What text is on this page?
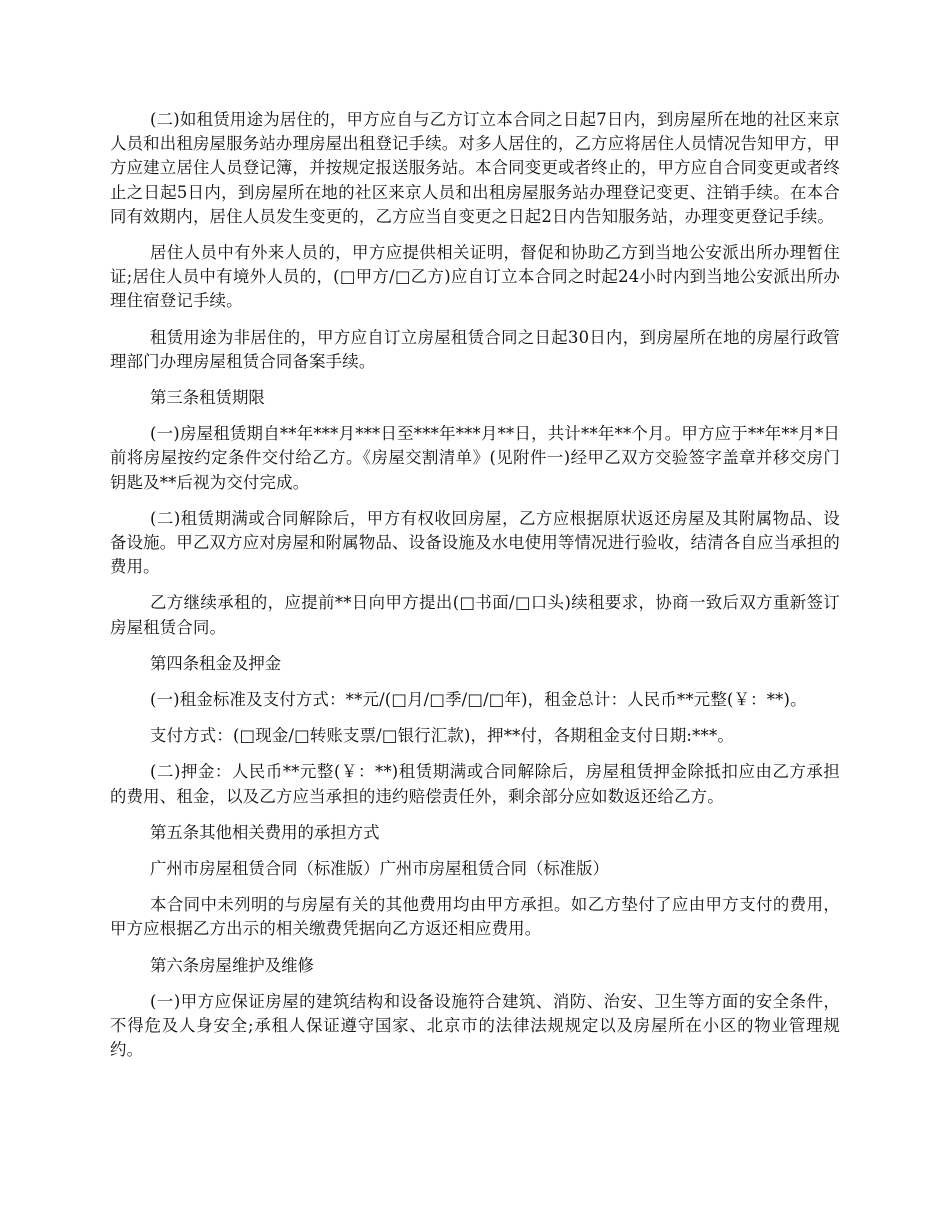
(二)如租赁用途为居住的，甲方应自与乙方订立本合同之日起7日内，到房屋所在地的社区来京人员和出租房屋服务站办理房屋出租登记手续。对多人居住的，乙方应将居住人员情况告知甲方，甲方应建立居住人员登记簿，并按规定报送服务站。本合同变更或者终止的，甲方应自合同变更或者终止之日起5日内，到房屋所在地的社区来京人员和出租房屋服务站办理登记变更、注销手续。在本合同有效期内，居住人员发生变更的，乙方应当自变更之日起2日内告知服务站，办理变更登记手续。

居住人员中有外来人员的，甲方应提供相关证明，督促和协助乙方到当地公安派出所办理暂住证;居住人员中有境外人员的，(□甲方/□乙方)应自订立本合同之时起24小时内到当地公安派出所办理住宿登记手续。

租赁用途为非居住的，甲方应自订立房屋租赁合同之日起30日内，到房屋所在地的房屋行政管理部门办理房屋租赁合同备案手续。

第三条租赁期限

(一)房屋租赁期自**年***月***日至***年***月**日，共计**年**个月。甲方应于**年**月*日前将房屋按约定条件交付给乙方。《房屋交割清单》(见附件一)经甲乙双方交验签字盖章并移交房门钥匙及**后视为交付完成。

(二)租赁期满或合同解除后，甲方有权收回房屋，乙方应根据原状返还房屋及其附属物品、设备设施。甲乙双方应对房屋和附属物品、设备设施及水电使用等情况进行验收，结清各自应当承担的费用。

乙方继续承租的，应提前**日向甲方提出(□书面/□口头)续租要求，协商一致后双方重新签订房屋租赁合同。

第四条租金及押金

(一)租金标准及支付方式：**元/(□月/□季/□/□年)，租金总计：人民币**元整(￥：**)。

支付方式：(□现金/□转账支票/□银行汇款)，押**付，各期租金支付日期:***。

(二)押金：人民币**元整(￥：**)租赁期满或合同解除后，房屋租赁押金除抵扣应由乙方承担的费用、租金，以及乙方应当承担的违约赔偿责任外，剩余部分应如数返还给乙方。

第五条其他相关费用的承担方式

广州市房屋租赁合同（标准版）广州市房屋租赁合同（标准版）

本合同中未列明的与房屋有关的其他费用均由甲方承担。如乙方垫付了应由甲方支付的费用，甲方应根据乙方出示的相关缴费凭据向乙方返还相应费用。

第六条房屋维护及维修

(一)甲方应保证房屋的建筑结构和设备设施符合建筑、消防、治安、卫生等方面的安全条件，不得危及人身安全;承租人保证遵守国家、北京市的法律法规规定以及房屋所在小区的物业管理规约。
